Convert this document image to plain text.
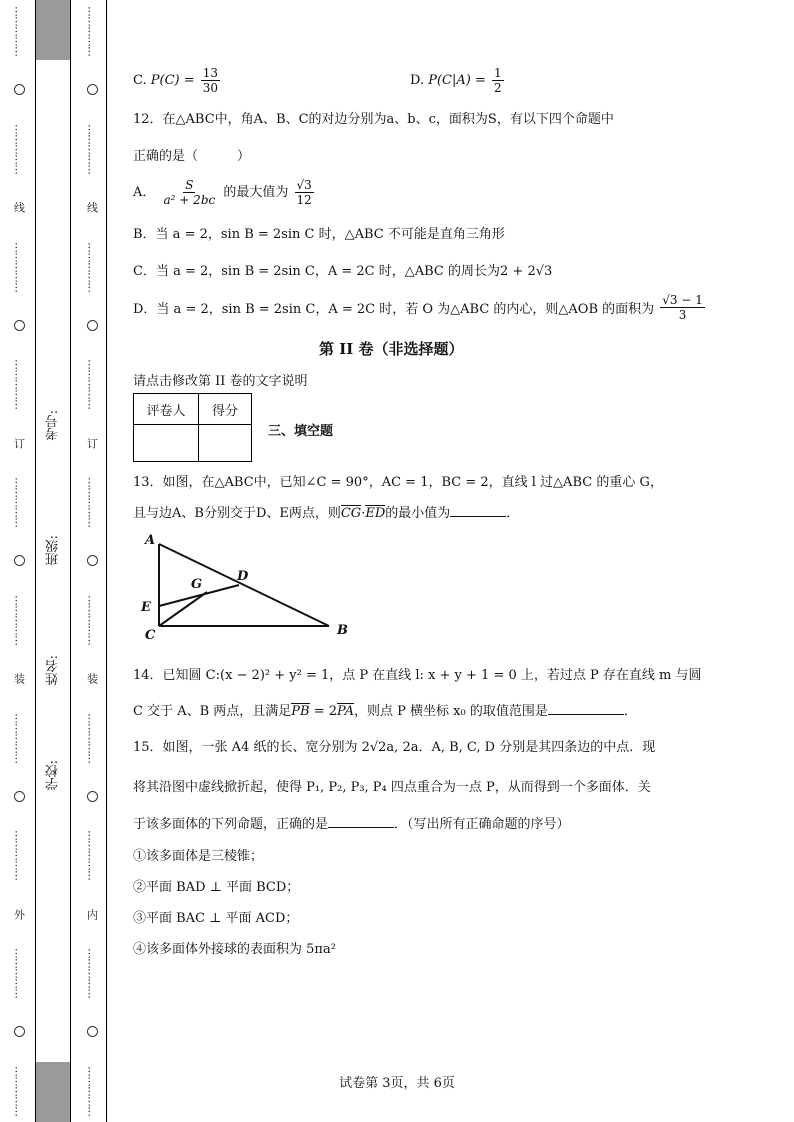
……………
……………
线
……………
……………
订
……………
……………
装
……………
……………
外
……………
……………
考号:
班级:
姓名:
学校:
……………
……………
线
……………
……………
订
……………
……………
装
……………
……………
内
……………
……………
C. $P(C) = \frac{13}{30}$	D. $P(C|A) = \frac{1}{2}$
12．在△ABC中，角A、B、C的对边分别为a、b、c，面积为S，有以下四个命题中
正确的是（　　　）
A． $\frac{S}{\text{a² + 2bc}}$ 的最大值为 $\frac{√3}{12}$
B．当 a = 2，sin B = 2sin C 时，△ABC 不可能是直角三角形
C．当 a = 2，sin B = 2sin C，A = 2C 时，△ABC 的周长为2 + 2√3
D．当 a = 2，sin B = 2sin C，A = 2C 时，若 O 为△ABC 的内心，则△AOB 的面积为 $\frac{√3 - 1}{3}$
第 II 卷（非选择题）
请点击修改第 II 卷的文字说明
评卷人	得分

三、填空题
13．如图，在△ABC中，已知∠C = 90°，AC = 1，BC = 2，直线 l 过△ABC 的重心 G，
且与边A、B分别交于D、E两点，则CG·ED的最小值为	．
A
B
C
D
E
G
14．已知圆 C:(x − 2)² + y² = 1，点 P 在直线 l: x + y + 1 = 0 上，若过点 P 存在直线 m 与圆
C 交于 A、B 两点，且满足PB = 2PA，则点 P 横坐标 x₀ 的取值范围是	．
15．如图，一张 A4 纸的长、宽分别为 2√2a, 2a．A, B, C, D 分别是其四条边的中点．现
将其沿图中虚线掀折起，使得 P₁, P₂, P₃, P₄ 四点重合为一点 P，从而得到一个多面体．关
于该多面体的下列命题，正确的是	．（写出所有正确命题的序号）
①该多面体是三棱锥；
②平面 BAD ⊥ 平面 BCD；
③平面 BAC ⊥ 平面 ACD；
④该多面体外接球的表面积为 5πa²
试卷第 3页，共 6页
